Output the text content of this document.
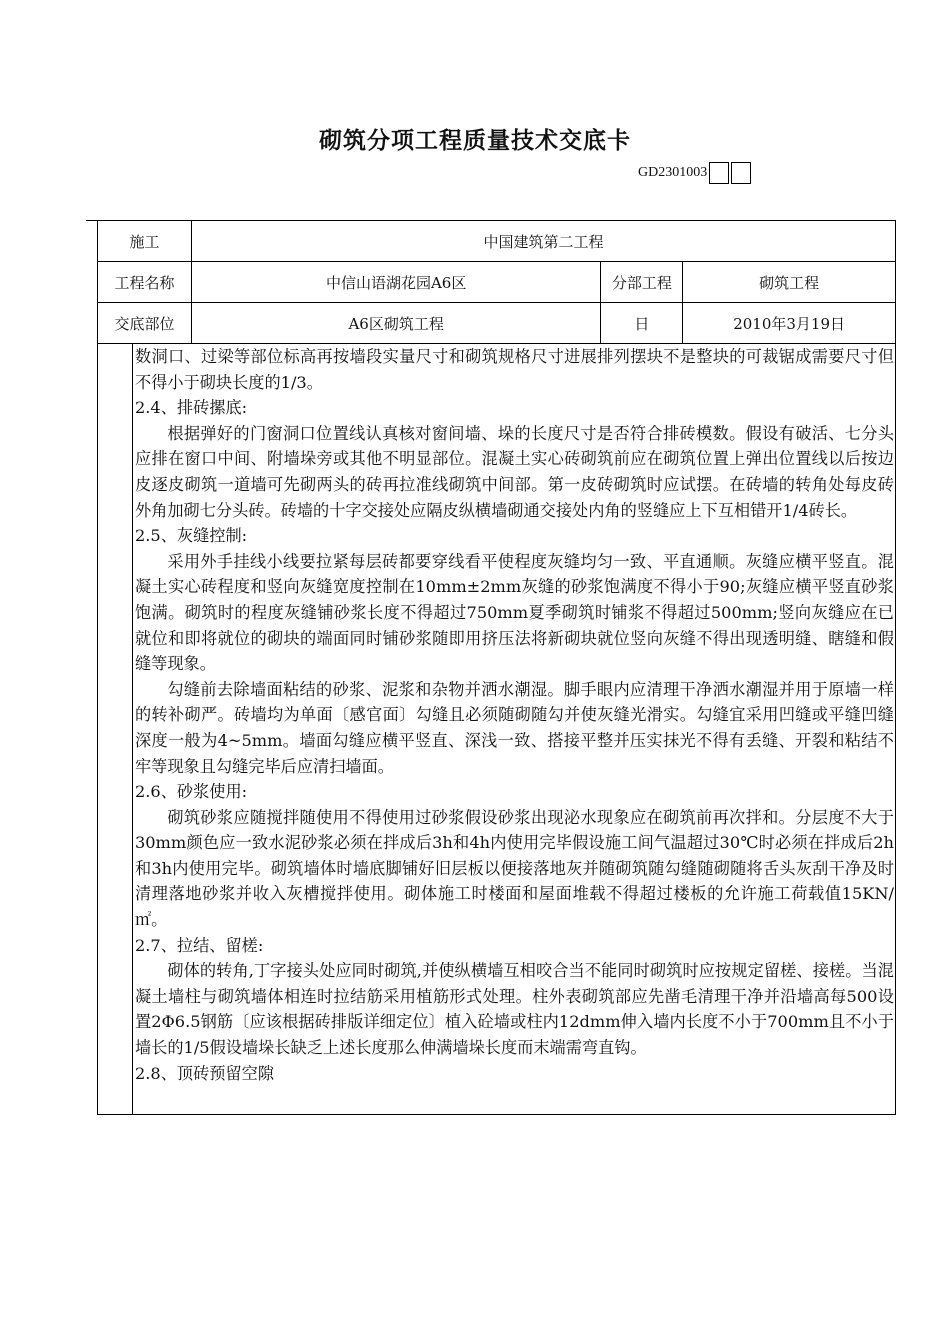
砌筑分项工程质量技术交底卡
GD2301003
施工	中国建筑第二工程
工程名称	中信山语湖花园A6区	分部工程	砌筑工程
交底部位	A6区砌筑工程	日	2010年3月19日

数洞口、过梁等部位标高再按墙段实量尺寸和砌筑规格尺寸进展排列摆块不是整块的可裁锯成需要尺寸但不得小于砌块长度的1/3。

2.4、排砖摞底:

根据弹好的门窗洞口位置线认真核对窗间墙、垛的长度尺寸是否符合排砖模数。假设有破活、七分头应排在窗口中间、附墙垛旁或其他不明显部位。混凝土实心砖砌筑前应在砌筑位置上弹出位置线以后按边皮逐皮砌筑一道墙可先砌两头的砖再拉准线砌筑中间部。第一皮砖砌筑时应试摆。在砖墙的转角处每皮砖外角加砌七分头砖。砖墙的十字交接处应隔皮纵横墙砌通交接处内角的竖缝应上下互相错开1/4砖长。

2.5、灰缝控制:

采用外手挂线小线要拉紧每层砖都要穿线看平使程度灰缝均匀一致、平直通顺。灰缝应横平竖直。混凝土实心砖程度和竖向灰缝宽度控制在10mm±2mm灰缝的砂浆饱满度不得小于90;灰缝应横平竖直砂浆饱满。砌筑时的程度灰缝铺砂浆长度不得超过750mm夏季砌筑时铺浆不得超过500mm;竖向灰缝应在已就位和即将就位的砌块的端面同时铺砂浆随即用挤压法将新砌块就位竖向灰缝不得出现透明缝、瞎缝和假缝等现象。

勾缝前去除墙面粘结的砂浆、泥浆和杂物并洒水潮湿。脚手眼内应清理干净洒水潮湿并用于原墙一样的转补砌严。砖墙均为单面〔感官面〕勾缝且必须随砌随勾并使灰缝光滑实。勾缝宜采用凹缝或平缝凹缝深度一般为4~5mm。墙面勾缝应横平竖直、深浅一致、搭接平整并压实抹光不得有丢缝、开裂和粘结不牢等现象且勾缝完毕后应清扫墙面。

2.6、砂浆使用:

砌筑砂浆应随搅拌随使用不得使用过砂浆假设砂浆出现泌水现象应在砌筑前再次拌和。分层度不大于30mm颜色应一致水泥砂浆必须在拌成后3h和4h内使用完毕假设施工间气温超过30℃时必须在拌成后2h和3h内使用完毕。砌筑墙体时墙底脚铺好旧层板以便接落地灰并随砌筑随勾缝随砌随将舌头灰刮干净及时清理落地砂浆并收入灰槽搅拌使用。砌体施工时楼面和屋面堆载不得超过楼板的允许施工荷载值15KN/㎡。

2.7、拉结、留槎:

砌体的转角,丁字接头处应同时砌筑,并使纵横墙互相咬合当不能同时砌筑时应按规定留槎、接槎。当混凝土墙柱与砌筑墙体相连时拉结筋采用植筋形式处理。柱外表砌筑部应先凿毛清理干净并沿墙高每500设置2Φ6.5钢筋〔应该根据砖排版详细定位〕植入砼墙或柱内12dmm伸入墙内长度不小于700mm且不小于墙长的1/5假设墙垛长缺乏上述长度那么伸满墙垛长度而末端需弯直钩。

2.8、顶砖预留空隙
